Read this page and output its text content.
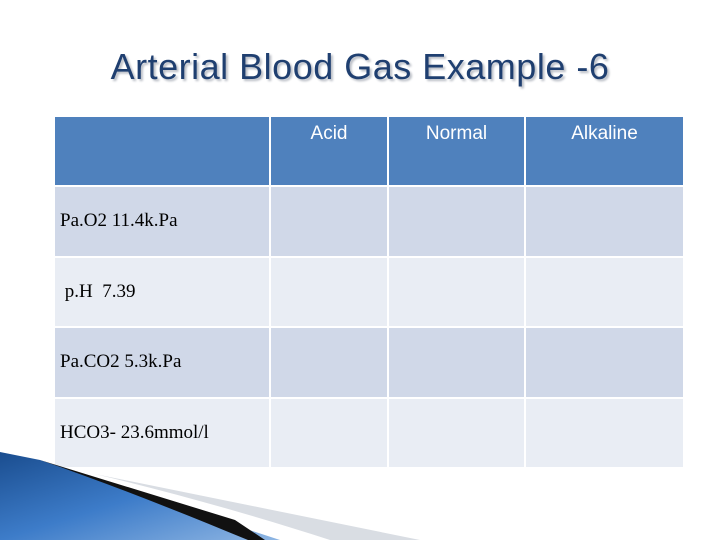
Arterial Blood Gas Example -6
	Acid	Normal	Alkaline
Pa.O2 11.4k.Pa			
p.H  7.39			
Pa.CO2 5.3k.Pa			
HCO3- 23.6mmol/l			
